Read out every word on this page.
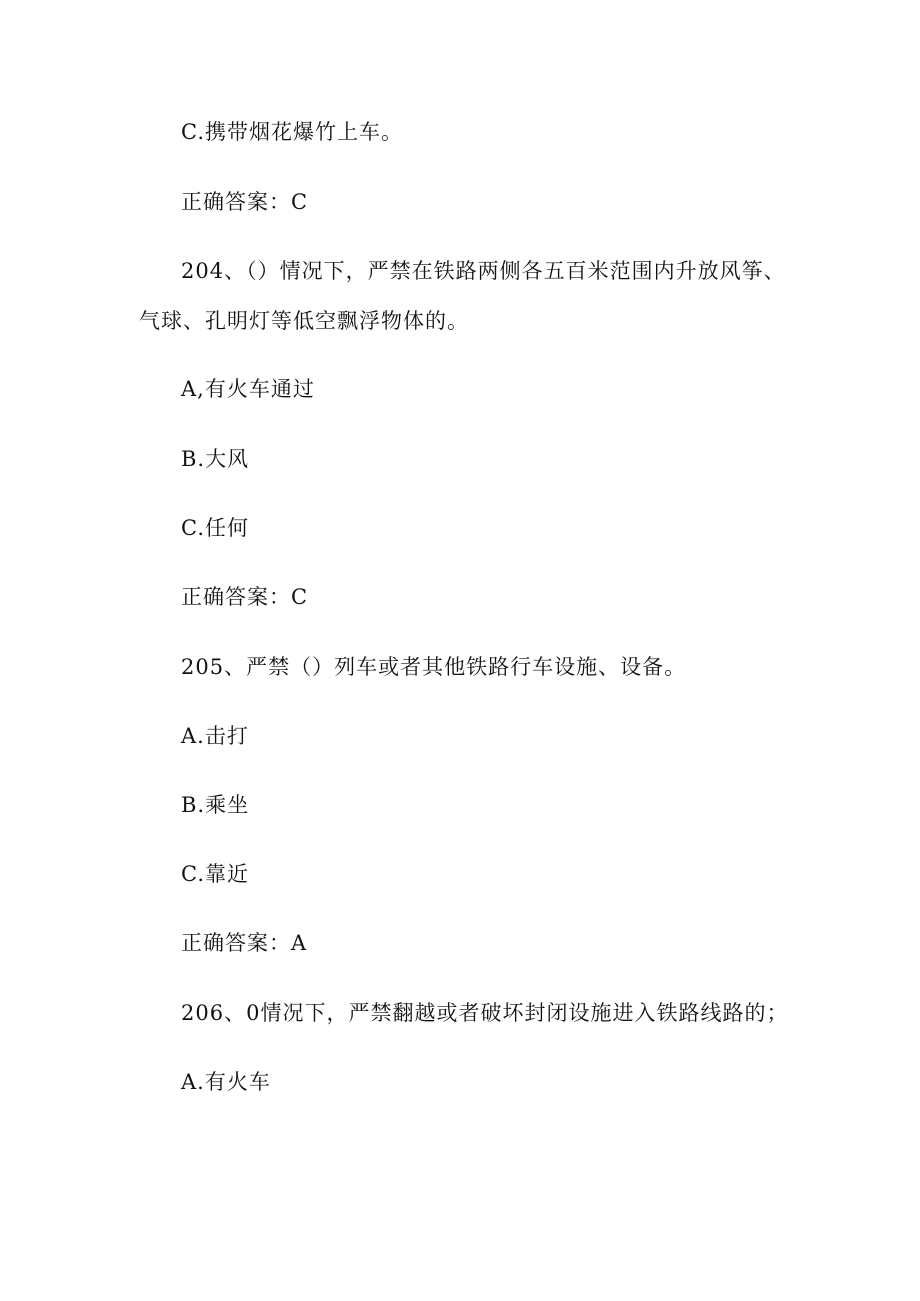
C.携带烟花爆竹上车。
正确答案：C
204、（）情况下，严禁在铁路两侧各五百米范围内升放风筝、
气球、孔明灯等低空飘浮物体的。
A,有火车通过
B.大风
C.任何
正确答案：C
205、严禁（）列车或者其他铁路行车设施、设备。
A.击打
B.乘坐
C.靠近
正确答案：A
206、0情况下，严禁翻越或者破坏封闭设施进入铁路线路的；
A.有火车
